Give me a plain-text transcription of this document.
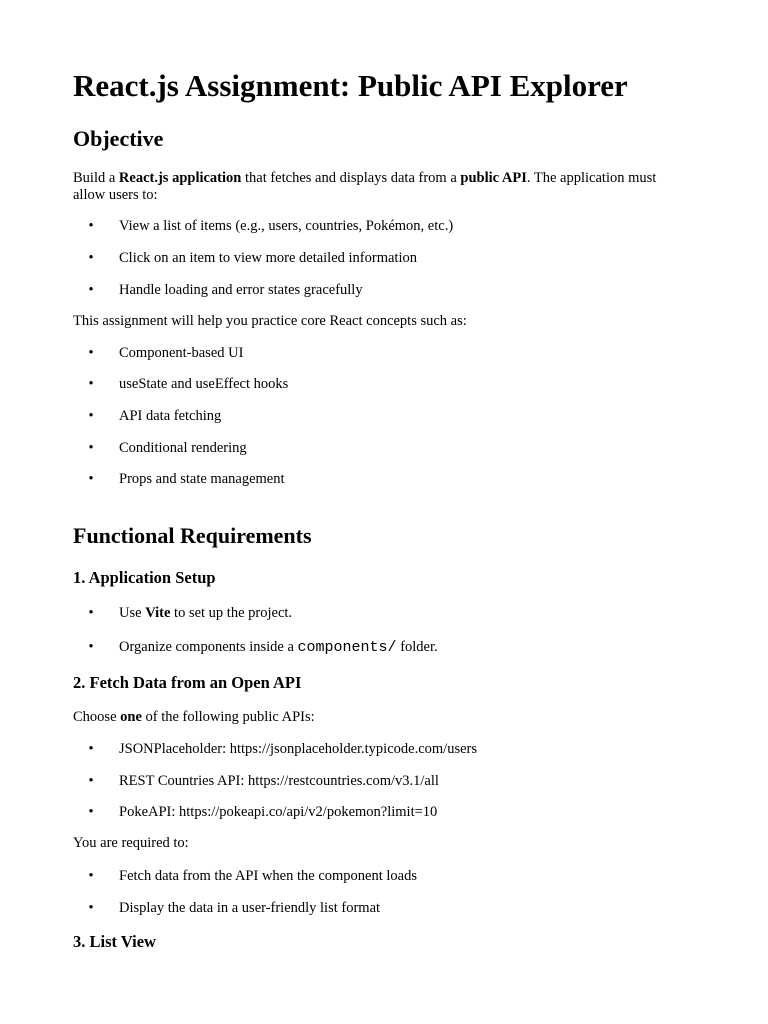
React.js Assignment: Public API Explorer
Objective

Build a React.js application that fetches and displays data from a public API. The application must allow users to:

• View a list of items (e.g., users, countries, Pokémon, etc.)
• Click on an item to view more detailed information
• Handle loading and error states gracefully

This assignment will help you practice core React concepts such as:

• Component-based UI
• useState and useEffect hooks
• API data fetching
• Conditional rendering
• Props and state management
Functional Requirements
1. Application Setup
• Use Vite to set up the project.
• Organize components inside a components/ folder.
2. Fetch Data from an Open API

Choose one of the following public APIs:

• JSONPlaceholder: https://jsonplaceholder.typicode.com/users
• REST Countries API: https://restcountries.com/v3.1/all
• PokeAPI: https://pokeapi.co/api/v2/pokemon?limit=10

You are required to:

• Fetch data from the API when the component loads
• Display the data in a user-friendly list format
3. List View
